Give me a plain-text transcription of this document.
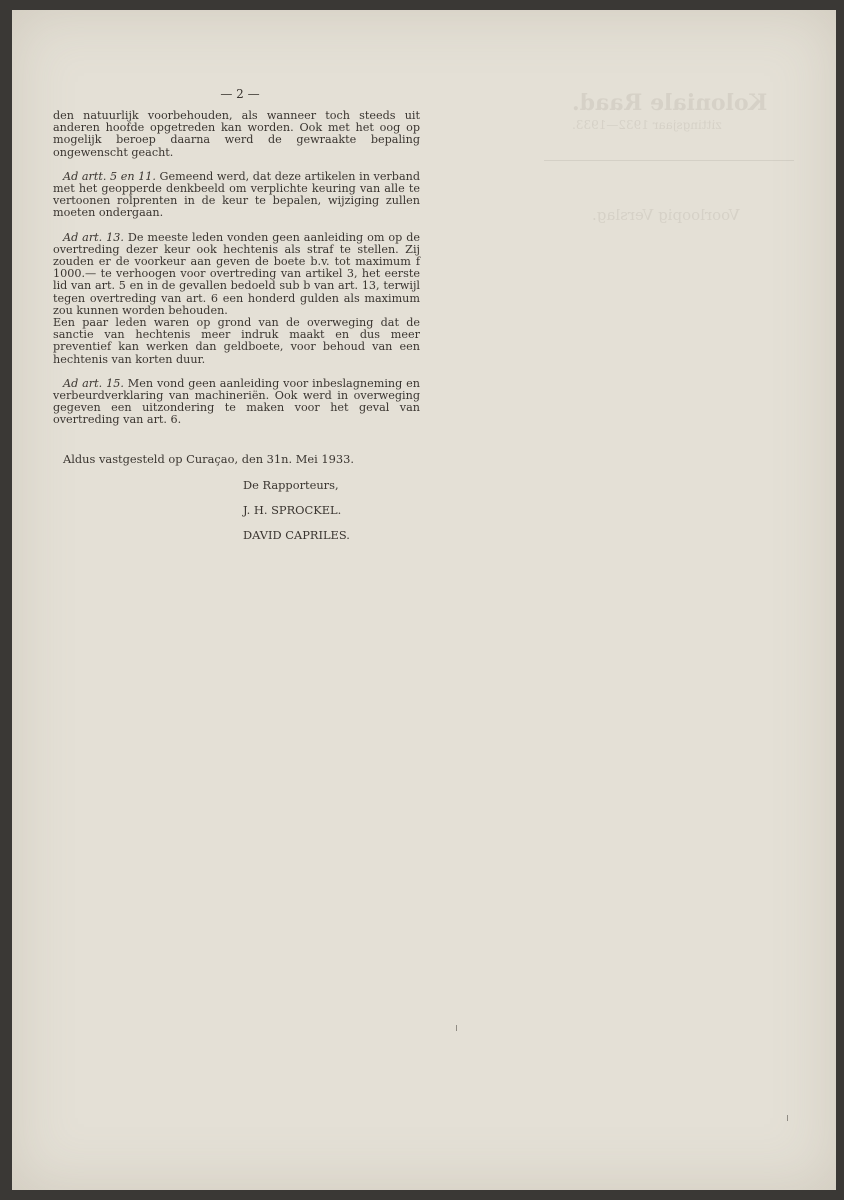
Koloniale Raad.
zittingsjaar 1932—1933.
Voorloopig Verslag.

— 2 —

den natuurlijk voorbehouden, als wanneer toch steeds uit anderen hoofde opgetreden kan worden. Ook met het oog op mogelijk beroep daarna werd de gewraakte bepaling ongewenscht geacht.

Ad artt. 5 en 11. Gemeend werd, dat deze artikelen in verband met het geopperde denkbeeld om verplichte keuring van alle te vertoonen rolprenten in de keur te bepalen, wijziging zullen moeten ondergaan.

Ad art. 13. De meeste leden vonden geen aanleiding om op de overtreding dezer keur ook hechtenis als straf te stellen. Zij zouden er de voorkeur aan geven de boete b.v. tot maximum f 1000.— te verhoogen voor overtreding van artikel 3, het eerste lid van art. 5 en in de gevallen bedoeld sub b van art. 13, terwijl tegen overtreding van art. 6 een honderd gulden als maximum zou kunnen worden behouden.

Een paar leden waren op grond van de overweging dat de sanctie van hechtenis meer indruk maakt en dus meer preventief kan werken dan geldboete, voor behoud van een hechtenis van korten duur.

Ad art. 15. Men vond geen aanleiding voor inbeslagneming en verbeurdverklaring van machineriën. Ook werd in overweging gegeven een uitzondering te maken voor het geval van overtreding van art. 6.

Aldus vastgesteld op Curaçao, den 31n. Mei 1933.

De Rapporteurs,

J. H. SPROCKEL.

DAVID CAPRILES.
